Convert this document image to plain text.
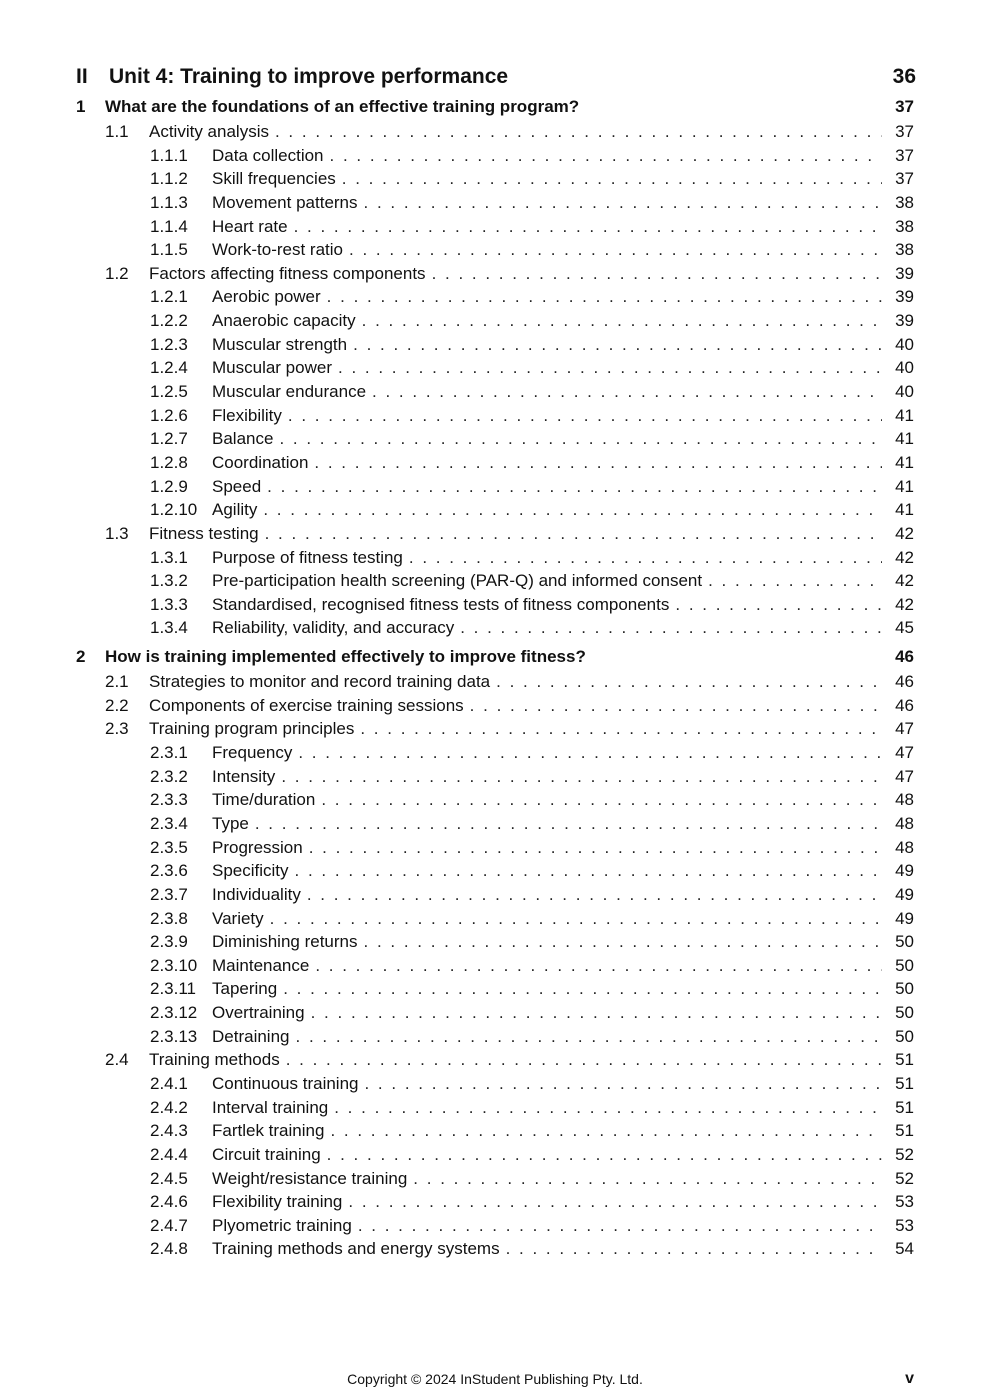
II Unit 4: Training to improve performance	36
1 What are the foundations of an effective training program?	37
1.1 Activity analysis . . .	37
1.1.1 Data collection . . .	37
1.1.2 Skill frequencies . . .	37
1.1.3 Movement patterns . . .	38
1.1.4 Heart rate . . .	38
1.1.5 Work-to-rest ratio . . .	38
1.2 Factors affecting fitness components . . .	39
1.2.1 Aerobic power . . .	39
1.2.2 Anaerobic capacity . . .	39
1.2.3 Muscular strength . . .	40
1.2.4 Muscular power . . .	40
1.2.5 Muscular endurance . . .	40
1.2.6 Flexibility . . .	41
1.2.7 Balance . . .	41
1.2.8 Coordination . . .	41
1.2.9 Speed . . .	41
1.2.10 Agility . . .	41
1.3 Fitness testing . . .	42
1.3.1 Purpose of fitness testing . . .	42
1.3.2 Pre-participation health screening (PAR-Q) and informed consent . . .	42
1.3.3 Standardised, recognised fitness tests of fitness components . . .	42
1.3.4 Reliability, validity, and accuracy . . .	45
2 How is training implemented effectively to improve fitness?	46
2.1 Strategies to monitor and record training data . . .	46
2.2 Components of exercise training sessions . . .	46
2.3 Training program principles . . .	47
2.3.1 Frequency . . .	47
2.3.2 Intensity . . .	47
2.3.3 Time/duration . . .	48
2.3.4 Type . . .	48
2.3.5 Progression . . .	48
2.3.6 Specificity . . .	49
2.3.7 Individuality . . .	49
2.3.8 Variety . . .	49
2.3.9 Diminishing returns . . .	50
2.3.10 Maintenance . . .	50
2.3.11 Tapering . . .	50
2.3.12 Overtraining . . .	50
2.3.13 Detraining . . .	50
2.4 Training methods . . .	51
2.4.1 Continuous training . . .	51
2.4.2 Interval training . . .	51
2.4.3 Fartlek training . . .	51
2.4.4 Circuit training . . .	52
2.4.5 Weight/resistance training . . .	52
2.4.6 Flexibility training . . .	53
2.4.7 Plyometric training . . .	53
2.4.8 Training methods and energy systems . . .	54
Copyright © 2024 InStudent Publishing Pty. Ltd.	v
